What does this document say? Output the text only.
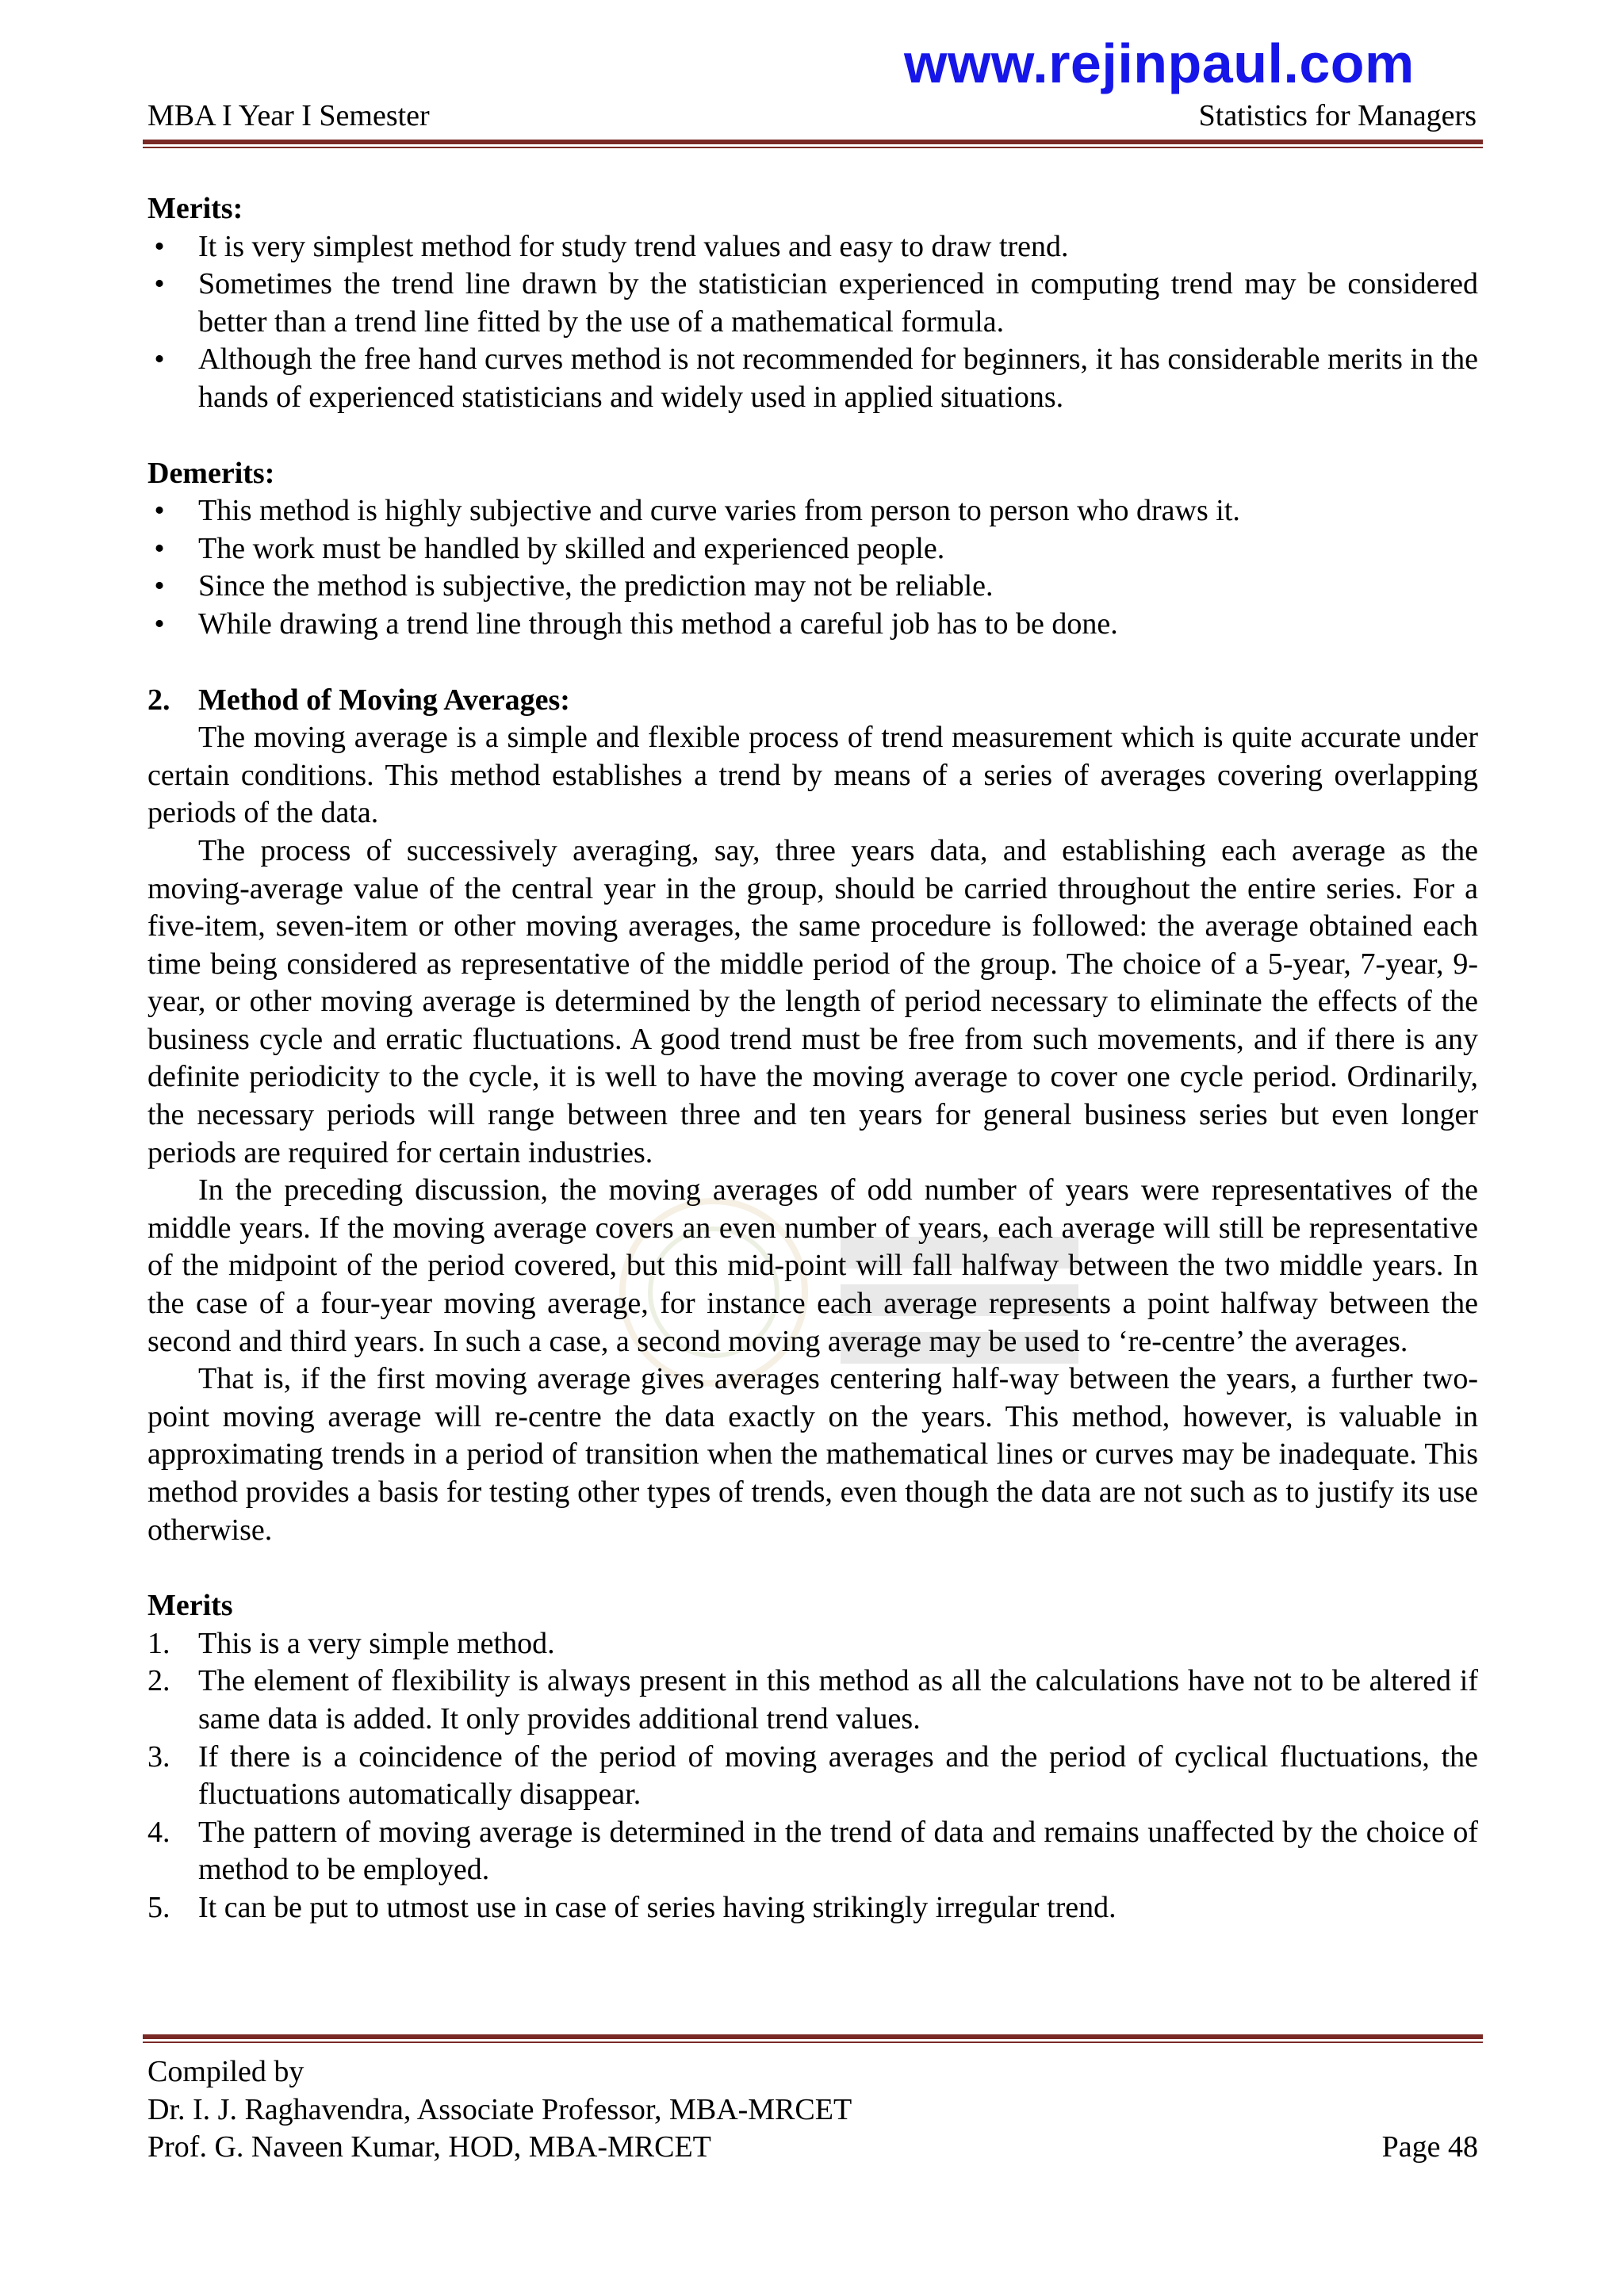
www.rejinpaul.com
MBA I Year I Semester	Statistics for Managers

Merits:

• It is very simplest method for study trend values and easy to draw trend.
• Sometimes the trend line drawn by the statistician experienced in computing trend may be considered better than a trend line fitted by the use of a mathematical formula.
• Although the free hand curves method is not recommended for beginners, it has considerable merits in the hands of experienced statisticians and widely used in applied situations.

Demerits:

• This method is highly subjective and curve varies from person to person who draws it.
• The work must be handled by skilled and experienced people.
• Since the method is subjective, the prediction may not be reliable.
• While drawing a trend line through this method a careful job has to be done.

2. Method of Moving Averages:

The moving average is a simple and flexible process of trend measurement which is quite accurate under certain conditions. This method establishes a trend by means of a series of averages covering overlapping periods of the data.

The process of successively averaging, say, three years data, and establishing each average as the moving-average value of the central year in the group, should be carried throughout the entire series. For a five-item, seven-item or other moving averages, the same procedure is followed: the average obtained each time being considered as representative of the middle period of the group. The choice of a 5-year, 7-year, 9-year, or other moving average is determined by the length of period necessary to eliminate the effects of the business cycle and erratic fluctuations. A good trend must be free from such movements, and if there is any definite periodicity to the cycle, it is well to have the moving average to cover one cycle period. Ordinarily, the necessary periods will range between three and ten years for general business series but even longer periods are required for certain industries.

In the preceding discussion, the moving averages of odd number of years were representatives of the middle years. If the moving average covers an even number of years, each average will still be representative of the midpoint of the period covered, but this mid-point will fall halfway between the two middle years. In the case of a four-year moving average, for instance each average represents a point halfway between the second and third years. In such a case, a second moving average may be used to ‘re-centre’ the averages.

That is, if the first moving average gives averages centering half-way between the years, a further two-point moving average will re-centre the data exactly on the years. This method, however, is valuable in approximating trends in a period of transition when the mathematical lines or curves may be inadequate. This method provides a basis for testing other types of trends, even though the data are not such as to justify its use otherwise.

Merits

1. This is a very simple method.
2. The element of flexibility is always present in this method as all the calculations have not to be altered if same data is added. It only provides additional trend values.
3. If there is a coincidence of the period of moving averages and the period of cyclical fluctuations, the fluctuations automatically disappear.
4. The pattern of moving average is determined in the trend of data and remains unaffected by the choice of method to be employed.
5. It can be put to utmost use in case of series having strikingly irregular trend.
Compiled by
Dr. I. J. Raghavendra, Associate Professor, MBA-MRCET
Prof. G. Naveen Kumar, HOD, MBA-MRCET	Page 48
